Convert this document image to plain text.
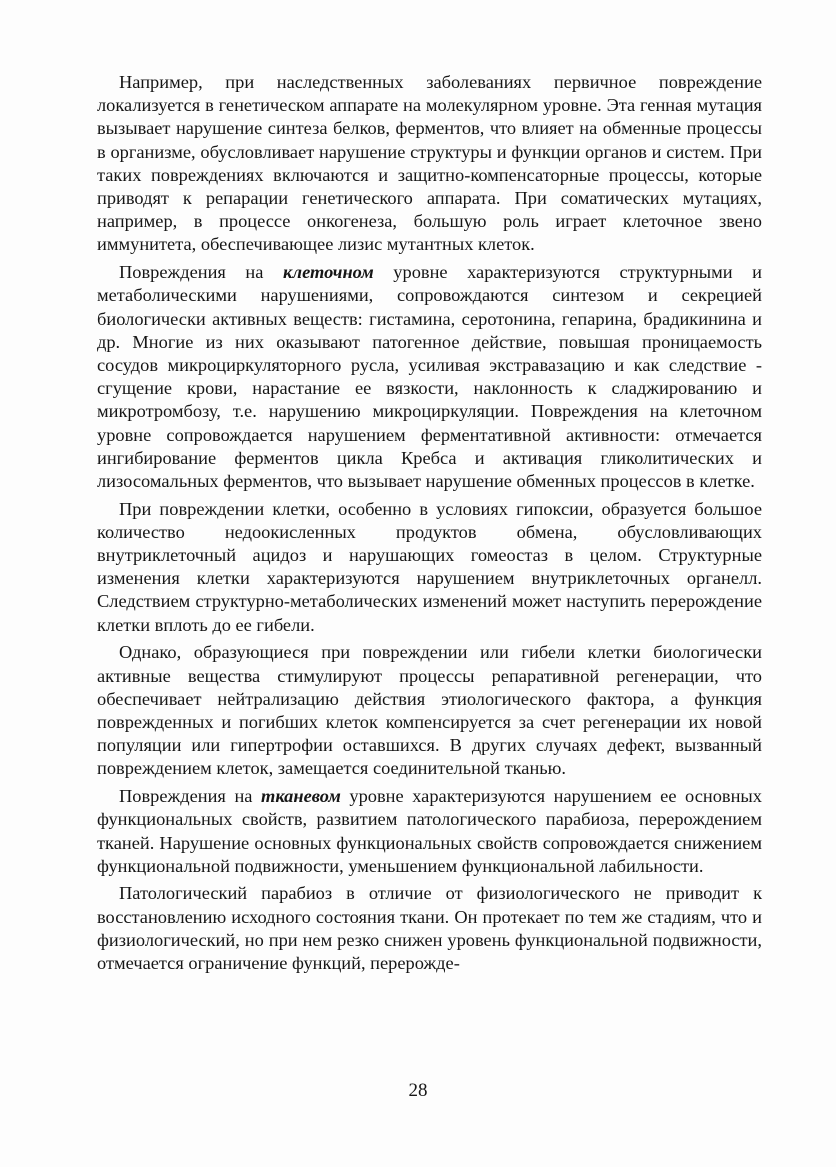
Например, при наследственных заболеваниях первичное повреждение локализуется в генетическом аппарате на молекулярном уровне. Эта генная мутация вызывает нарушение синтеза белков, ферментов, что влияет на обменные процессы в организме, обусловливает нарушение структуры и функции органов и систем. При таких повреждениях включаются и защитно-компенсаторные процессы, которые приводят к репарации генетического аппарата. При соматических мутациях, например, в процессе онкогенеза, большую роль играет клеточное звено иммунитета, обеспечивающее лизис мутантных клеток.

Повреждения на клеточном уровне характеризуются структурными и метаболическими нарушениями, сопровождаются синтезом и секрецией биологически активных веществ: гистамина, серотонина, гепарина, брадикинина и др. Многие из них оказывают патогенное действие, повышая проницаемость сосудов микроциркуляторного русла, усиливая экстравазацию и как следствие - сгущение крови, нарастание ее вязкости, наклонность к сладжированию и микротромбозу, т.е. нарушению микроциркуляции. Повреждения на клеточном уровне сопровождается нарушением ферментативной активности: отмечается ингибирование ферментов цикла Кребса и активация гликолитических и лизосомальных ферментов, что вызывает нарушение обменных процессов в клетке.

При повреждении клетки, особенно в условиях гипоксии, образуется большое количество недоокисленных продуктов обмена, обусловливающих внутриклеточный ацидоз и нарушающих гомеостаз в целом. Структурные изменения клетки характеризуются нарушением внутриклеточных органелл. Следствием структурно-метаболических изменений может наступить перерождение клетки вплоть до ее гибели.

Однако, образующиеся при повреждении или гибели клетки биологически активные вещества стимулируют процессы репаративной регенерации, что обеспечивает нейтрализацию действия этиологического фактора, а функция поврежденных и погибших клеток компенсируется за счет регенерации их новой популяции или гипертрофии оставшихся. В других случаях дефект, вызванный повреждением клеток, замещается соединительной тканью.

Повреждения на тканевом уровне характеризуются нарушением ее основных функциональных свойств, развитием патологического парабиоза, перерождением тканей. Нарушение основных функциональных свойств сопровождается снижением функциональной подвижности, уменьшением функциональной лабильности.

Патологический парабиоз в отличие от физиологического не приводит к восстановлению исходного состояния ткани. Он протекает по тем же стадиям, что и физиологический, но при нем резко снижен уровень функциональной подвижности, отмечается ограничение функций, перерожде-

28
